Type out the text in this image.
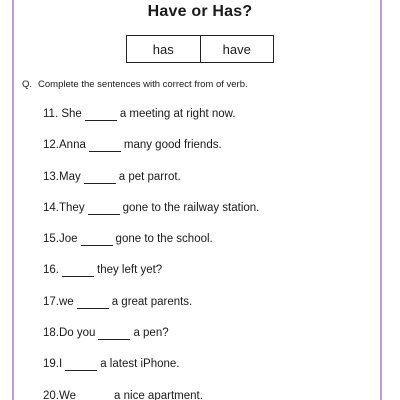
Have or Has?
has	have
Q. Complete the sentences with correct from of verb.
11.
She	a meeting at right now.
12. Anna	many good friends.
13. May	a pet parrot.
14. They	gone to the railway station.
15. Joe	gone to the school.
16.	they left yet?
17. we	a great parents.
18. Do you	a pen?
19. I	a latest iPhone.
20. We	a nice apartment.
